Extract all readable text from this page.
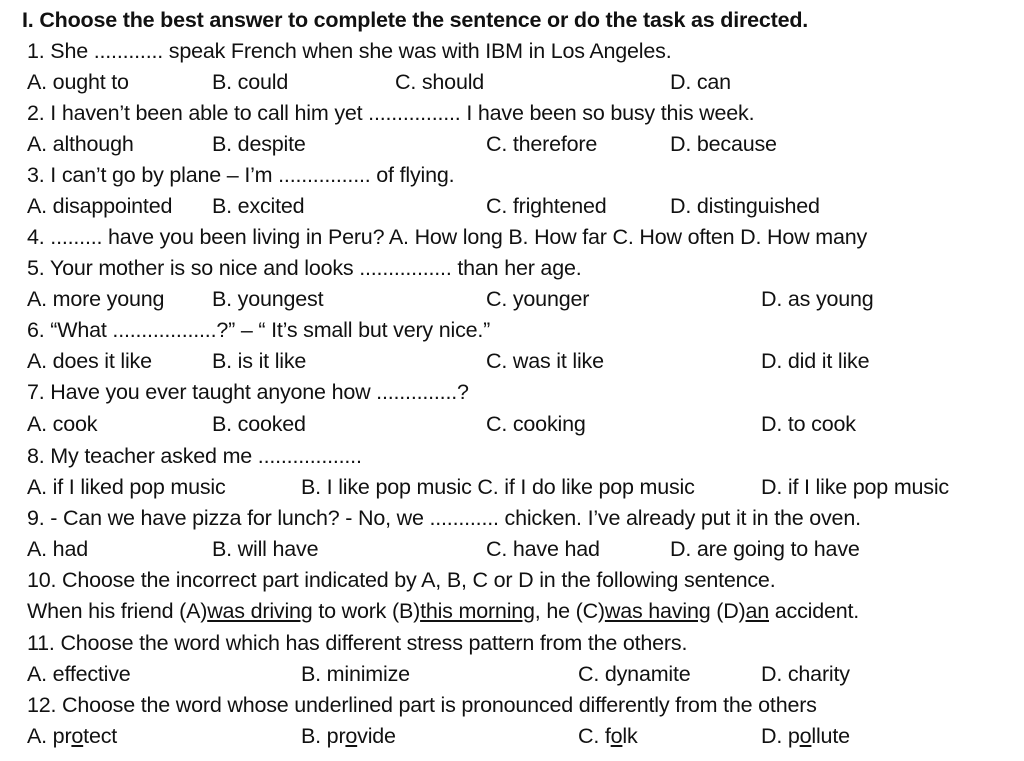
I. Choose the best answer to complete the sentence or do the task as directed.
1. She ............ speak French when she was with IBM in Los Angeles.
A. ought to	B. could	C. should	D. can
2. I haven’t been able to call him yet ................ I have been so busy this week.
A. although	B. despite	C. therefore	D. because
3. I can’t go by plane – I’m ................ of flying.
A. disappointed B. excited	C. frightened	D. distinguished
4. ......... have you been living in Peru? A. How long B. How far C. How often D. How many
5. Your mother is so nice and looks ................ than her age.
A. more young B. youngest	C. younger	D. as young
6. “What ..................?” – “ It’s small but very nice.”
A. does it like	B. is it like	C. was it like	D. did it like
7. Have you ever taught anyone how ..............?
A. cook	B. cooked	C. cooking	D. to cook
8. My teacher asked me ..................
A. if I liked pop music	B. I like pop music C. if I do like pop music	D. if I like pop music
9. - Can we have pizza for lunch? - No, we ............ chicken. I’ve already put it in the oven.
A. had	B. will have	C. have had	D. are going to have
10. Choose the incorrect part indicated by A, B, C or D in the following sentence.
When his friend (A)was driving to work (B)this morning, he (C)was having (D)an accident.
11. Choose the word which has different stress pattern from the others.
A. effective	B. minimize	C. dynamite	D. charity
12. Choose the word whose underlined part is pronounced differently from the others
A. protect	B. provide	C. folk	D. pollute
